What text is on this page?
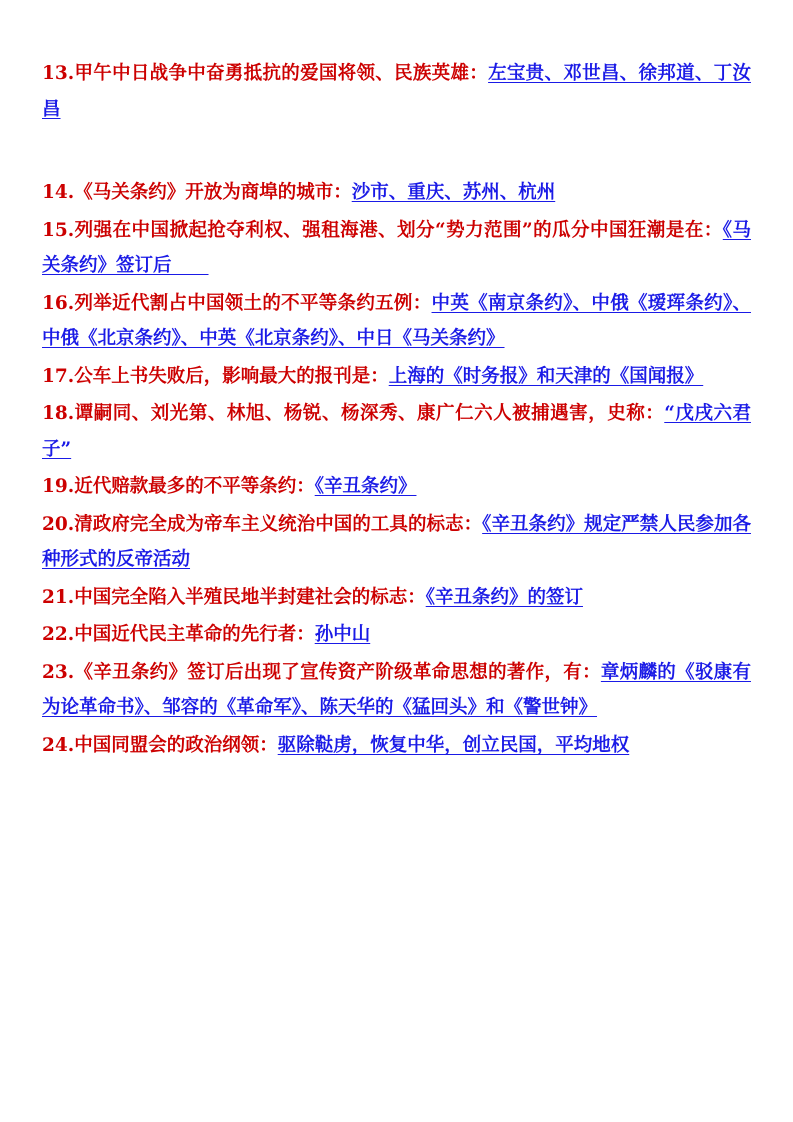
13.甲午中日战争中奋勇抵抗的爱国将领、民族英雄：左宝贵、邓世昌、徐邦道、丁汝昌

14.《马关条约》开放为商埠的城市：沙市、重庆、苏州、杭州

15.列强在中国掀起抢夺利权、强租海港、划分“势力范围”的瓜分中国狂潮是在：《马关条约》签订后　　

16.列举近代割占中国领土的不平等条约五例：中英《南京条约》、中俄《瑷珲条约》、中俄《北京条约》、中英《北京条约》、中日《马关条约》

17.公车上书失败后，影响最大的报刊是：上海的《时务报》和天津的《国闻报》

18.谭嗣同、刘光第、林旭、杨锐、杨深秀、康广仁六人被捕遇害，史称：“戊戌六君子”

19.近代赔款最多的不平等条约：《辛丑条约》

20.清政府完全成为帝车主义统治中国的工具的标志：《辛丑条约》规定严禁人民参加各种形式的反帝活动

21.中国完全陷入半殖民地半封建社会的标志：《辛丑条约》的签订

22.中国近代民主革命的先行者：孙中山

23.《辛丑条约》签订后出现了宣传资产阶级革命思想的著作，有：章炳麟的《驳康有为论革命书》、邹容的《革命军》、陈天华的《猛回头》和《警世钟》

24.中国同盟会的政治纲领：驱除鞑虏，恢复中华，创立民国，平均地权
